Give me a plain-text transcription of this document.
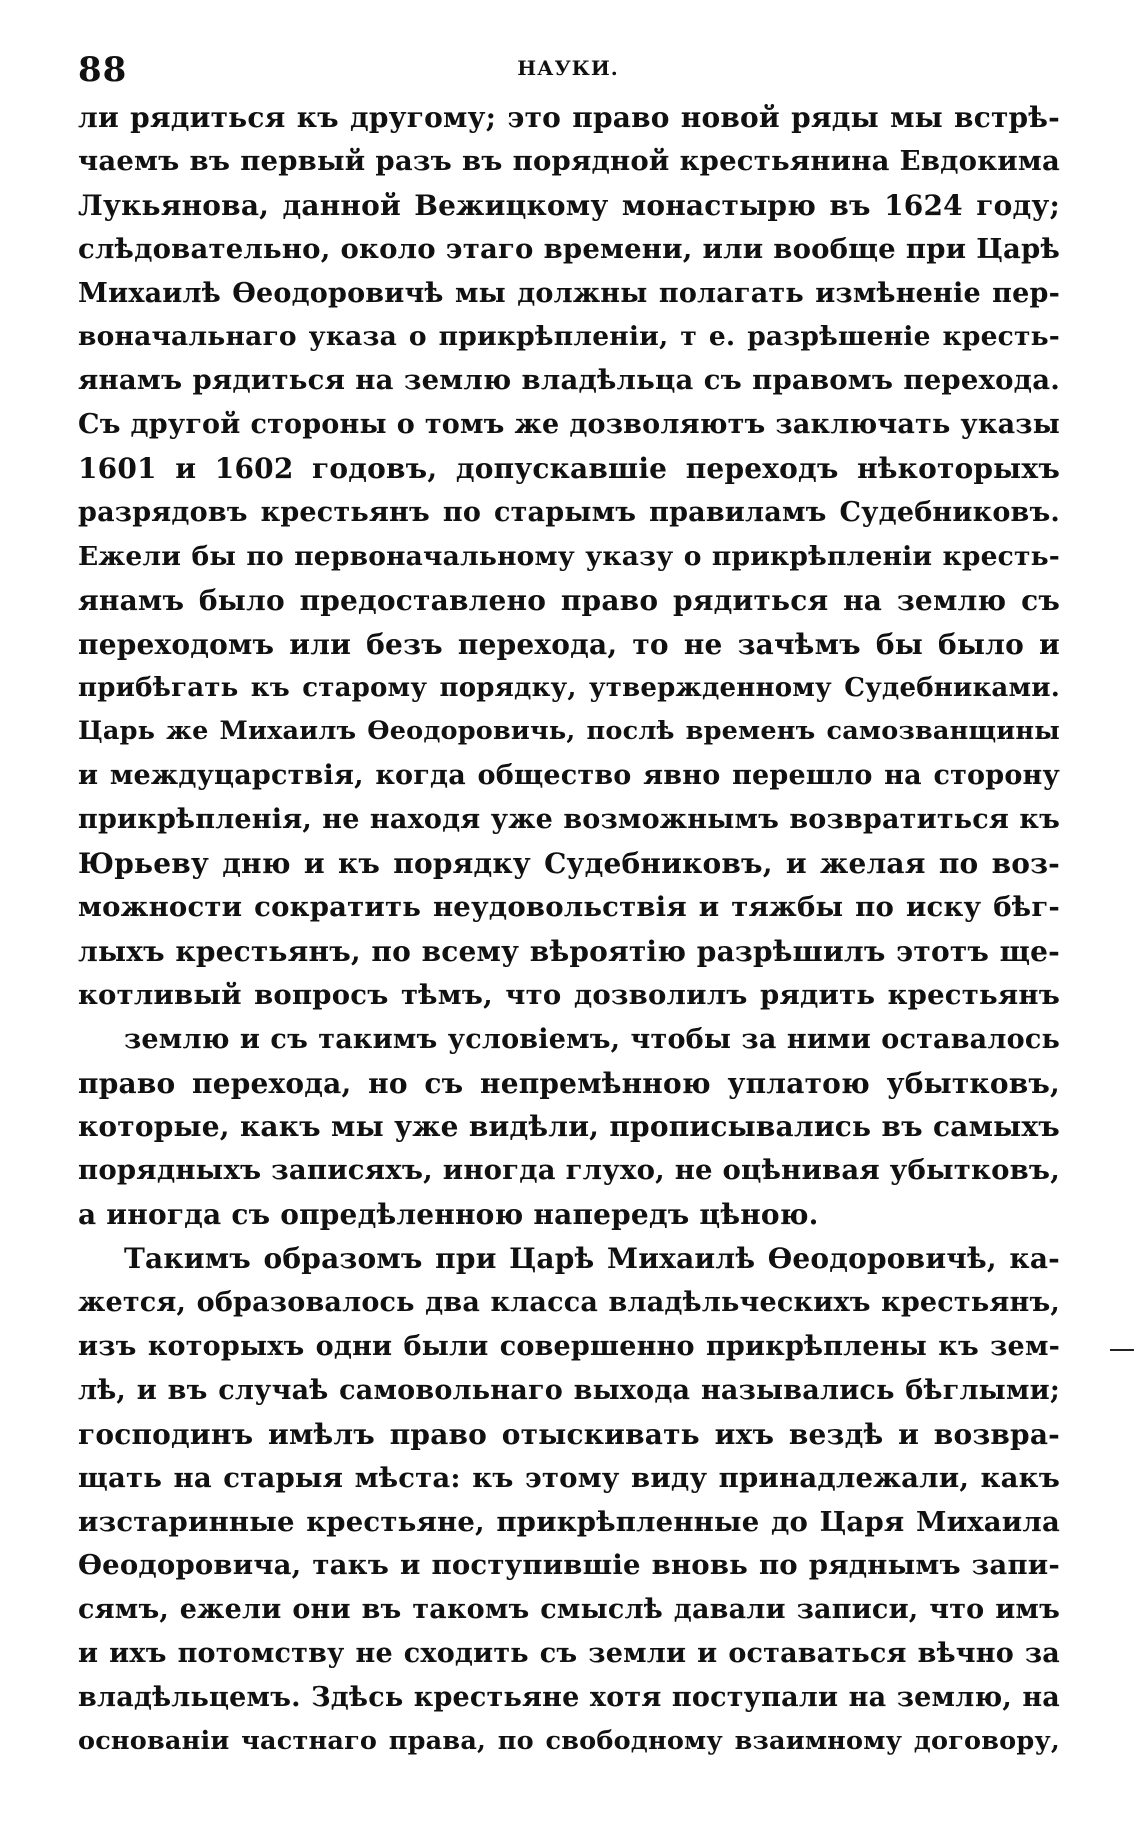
88	НАУКИ.
ли рядиться къ другому; это право новой ряды мы встрѣ-
чаемъ въ первый разъ въ порядной крестьянина Евдокима
Лукьянова, данной Вежицкому монастырю въ 1624 году;
слѣдовательно, около этаго времени, или вообще при Царѣ
Михаилѣ Ѳеодоровичѣ мы должны полагать измѣненіе пер-
воначальнаго указа о прикрѣпленіи, т е. разрѣшеніе кресть-
янамъ рядиться на землю владѣльца съ правомъ перехода.
Съ другой стороны о томъ же дозволяютъ заключать указы
1601 и 1602 годовъ, допускавшіе переходъ нѣкоторыхъ
разрядовъ крестьянъ по старымъ правиламъ Судебниковъ.
Ежели бы по первоначальному указу о прикрѣпленіи кресть-
янамъ было предоставлено право рядиться на землю съ
переходомъ или безъ перехода, то не зачѣмъ бы было и
прибѣгать къ старому порядку, утвержденному Судебниками.
Царь же Михаилъ Ѳеодоровичь, послѣ временъ самозванщины
и междуцарствія, когда общество явно перешло на сторону
прикрѣпленія, не находя уже возможнымъ возвратиться къ
Юрьеву дню и къ порядку Судебниковъ, и желая по воз-
можности сократить неудовольствія и тяжбы по иску бѣг-
лыхъ крестьянъ, по всему вѣроятію разрѣшилъ этотъ ще-
котливый вопросъ тѣмъ, что дозволилъ рядить крестьянъ
землю и съ такимъ условіемъ, чтобы за ними оставалось
право перехода, но съ непремѣнною уплатою убытковъ,
которые, какъ мы уже видѣли, прописывались въ самыхъ
порядныхъ записяхъ, иногда глухо, не оцѣнивая убытковъ,
а иногда съ опредѣленною напередъ цѣною.
Такимъ образомъ при Царѣ Михаилѣ Ѳеодоровичѣ, ка-
жется, образовалось два класса владѣльческихъ крестьянъ,
изъ которыхъ одни были совершенно прикрѣплены къ зем-
лѣ, и въ случаѣ самовольнаго выхода назывались бѣглыми;
господинъ имѣлъ право отыскивать ихъ вездѣ и возвра-
щать на старыя мѣста: къ этому виду принадлежали, какъ
изстаринные крестьяне, прикрѣпленные до Царя Михаила
Ѳеодоровича, такъ и поступившіе вновь по ряднымъ запи-
сямъ, ежели они въ такомъ смыслѣ давали записи, что имъ
и ихъ потомству не сходить съ земли и оставаться вѣчно за
владѣльцемъ. Здѣсь крестьяне хотя поступали на землю, на
основаніи частнаго права, по свободному взаимному договору,
